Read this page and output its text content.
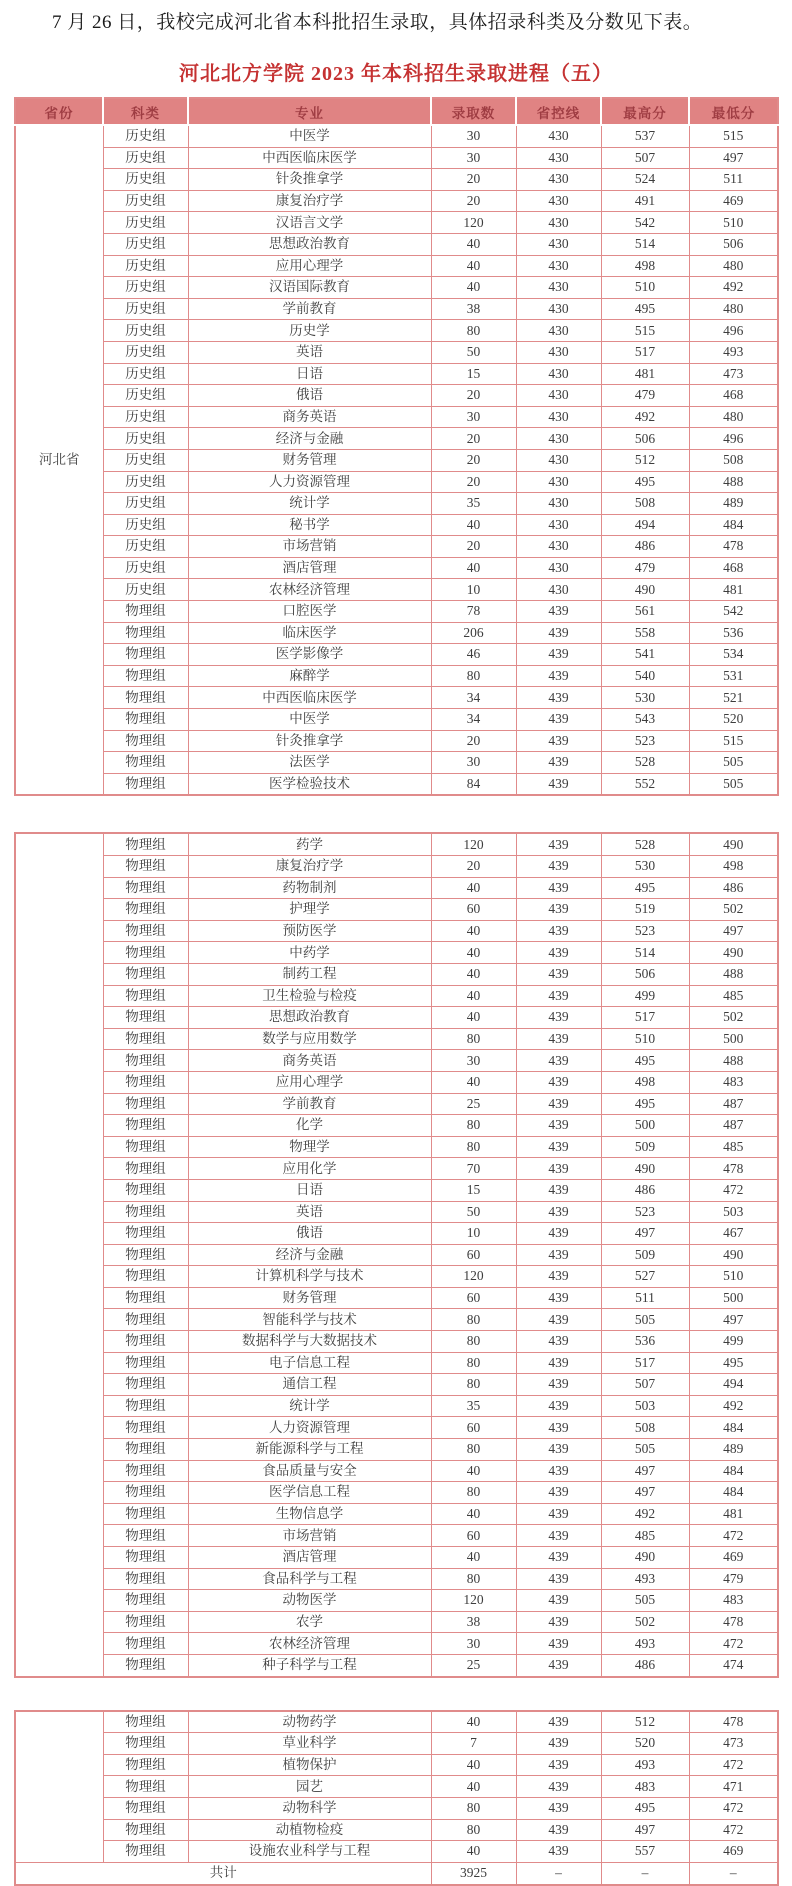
7 月 26 日，我校完成河北省本科批招生录取，具体招录科类及分数见下表。

河北北方学院 2023 年本科招生录取进程（五）
省份	科类	专业	录取数	省控线	最高分	最低分
河北省	历史组	中医学	30	430	537	515
	历史组	中西医临床医学	30	430	507	497
	历史组	针灸推拿学	20	430	524	511
	历史组	康复治疗学	20	430	491	469
	历史组	汉语言文学	120	430	542	510
	历史组	思想政治教育	40	430	514	506
	历史组	应用心理学	40	430	498	480
	历史组	汉语国际教育	40	430	510	492
	历史组	学前教育	38	430	495	480
	历史组	历史学	80	430	515	496
	历史组	英语	50	430	517	493
	历史组	日语	15	430	481	473
	历史组	俄语	20	430	479	468
	历史组	商务英语	30	430	492	480
	历史组	经济与金融	20	430	506	496
	历史组	财务管理	20	430	512	508
	历史组	人力资源管理	20	430	495	488
	历史组	统计学	35	430	508	489
	历史组	秘书学	40	430	494	484
	历史组	市场营销	20	430	486	478
	历史组	酒店管理	40	430	479	468
	历史组	农林经济管理	10	430	490	481
	物理组	口腔医学	78	439	561	542
	物理组	临床医学	206	439	558	536
	物理组	医学影像学	46	439	541	534
	物理组	麻醉学	80	439	540	531
	物理组	中西医临床医学	34	439	530	521
	物理组	中医学	34	439	543	520
	物理组	针灸推拿学	20	439	523	515
	物理组	法医学	30	439	528	505
	物理组	医学检验技术	84	439	552	505
	物理组	药学	120	439	528	490
	物理组	康复治疗学	20	439	530	498
	物理组	药物制剂	40	439	495	486
	物理组	护理学	60	439	519	502
	物理组	预防医学	40	439	523	497
	物理组	中药学	40	439	514	490
	物理组	制药工程	40	439	506	488
	物理组	卫生检验与检疫	40	439	499	485
	物理组	思想政治教育	40	439	517	502
	物理组	数学与应用数学	80	439	510	500
	物理组	商务英语	30	439	495	488
	物理组	应用心理学	40	439	498	483
	物理组	学前教育	25	439	495	487
	物理组	化学	80	439	500	487
	物理组	物理学	80	439	509	485
	物理组	应用化学	70	439	490	478
	物理组	日语	15	439	486	472
	物理组	英语	50	439	523	503
	物理组	俄语	10	439	497	467
	物理组	经济与金融	60	439	509	490
	物理组	计算机科学与技术	120	439	527	510
	物理组	财务管理	60	439	511	500
	物理组	智能科学与技术	80	439	505	497
	物理组	数据科学与大数据技术	80	439	536	499
	物理组	电子信息工程	80	439	517	495
	物理组	通信工程	80	439	507	494
	物理组	统计学	35	439	503	492
	物理组	人力资源管理	60	439	508	484
	物理组	新能源科学与工程	80	439	505	489
	物理组	食品质量与安全	40	439	497	484
	物理组	医学信息工程	80	439	497	484
	物理组	生物信息学	40	439	492	481
	物理组	市场营销	60	439	485	472
	物理组	酒店管理	40	439	490	469
	物理组	食品科学与工程	80	439	493	479
	物理组	动物医学	120	439	505	483
	物理组	农学	38	439	502	478
	物理组	农林经济管理	30	439	493	472
	物理组	种子科学与工程	25	439	486	474
	物理组	动物药学	40	439	512	478
	物理组	草业科学	7	439	520	473
	物理组	植物保护	40	439	493	472
	物理组	园艺	40	439	483	471
	物理组	动物科学	80	439	495	472
	物理组	动植物检疫	80	439	497	472
	物理组	设施农业科学与工程	40	439	557	469
共计			3925	–	–	–
